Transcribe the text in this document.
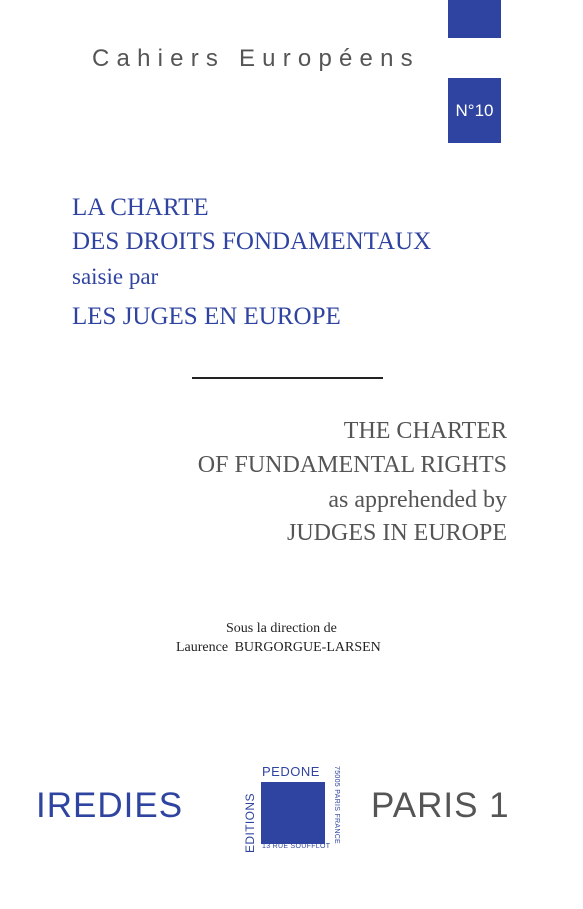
Cahiers Européens
N°10
LA CHARTE
DES DROITS FONDAMENTAUX
saisie par
LES JUGES EN EUROPE
THE CHARTER
OF FUNDAMENTAL RIGHTS
as apprehended by
JUDGES IN EUROPE
Sous la direction de
Laurence BURGORGUE-LARSEN
IREDIES	PARIS 1
PEDONE
EDITIONS	75005 PARIS FRANCE
13 RUE SOUFFLOT
